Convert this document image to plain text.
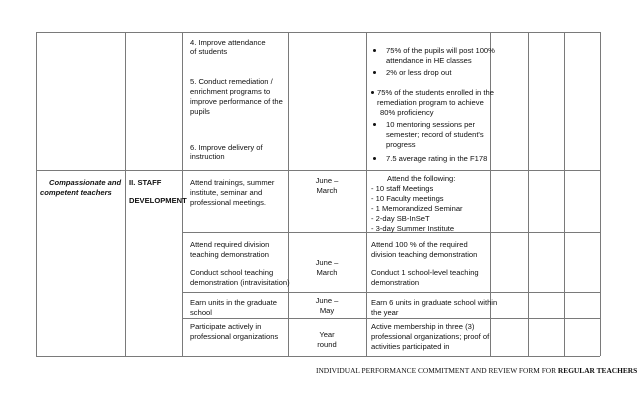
4. Improve attendance
of students
5. Conduct remediation /
enrichment programs to
improve performance of the
pupils
6. Improve delivery of
instruction
75% of the pupils will post 100%
attendance in HE classes
2% or less drop out
75% of the students enrolled in the
remediation program to achieve
80% proficiency
10 mentoring sessions per
semester; record of student's
progress
7.5 average rating in the F178
Compassionate and
competent teachers
II. STAFF
DEVELOPMENT
Attend trainings, summer
institute, seminar and
professional meetings.
June –
March
Attend the following:
- 10 staff Meetings
- 10 Faculty meetings
- 1 Memorandized Seminar
- 2-day SB-InSeT
- 3-day Summer Institute
Attend required division
teaching demonstration
Conduct school teaching
demonstration (intravisitation)
June –
March
Attend 100 % of the required
division teaching demonstration
Conduct 1 school-level teaching
demonstration
Earn units in the graduate
school
June –
May
Earn 6 units in graduate school within
the year
Participate actively in
professional organizations	Year
round
Active membership in three (3)
professional organizations; proof of
activities participated in
INDIVIDUAL PERFORMANCE COMMITMENT AND REVIEW FORM FOR REGULAR TEACHERS
